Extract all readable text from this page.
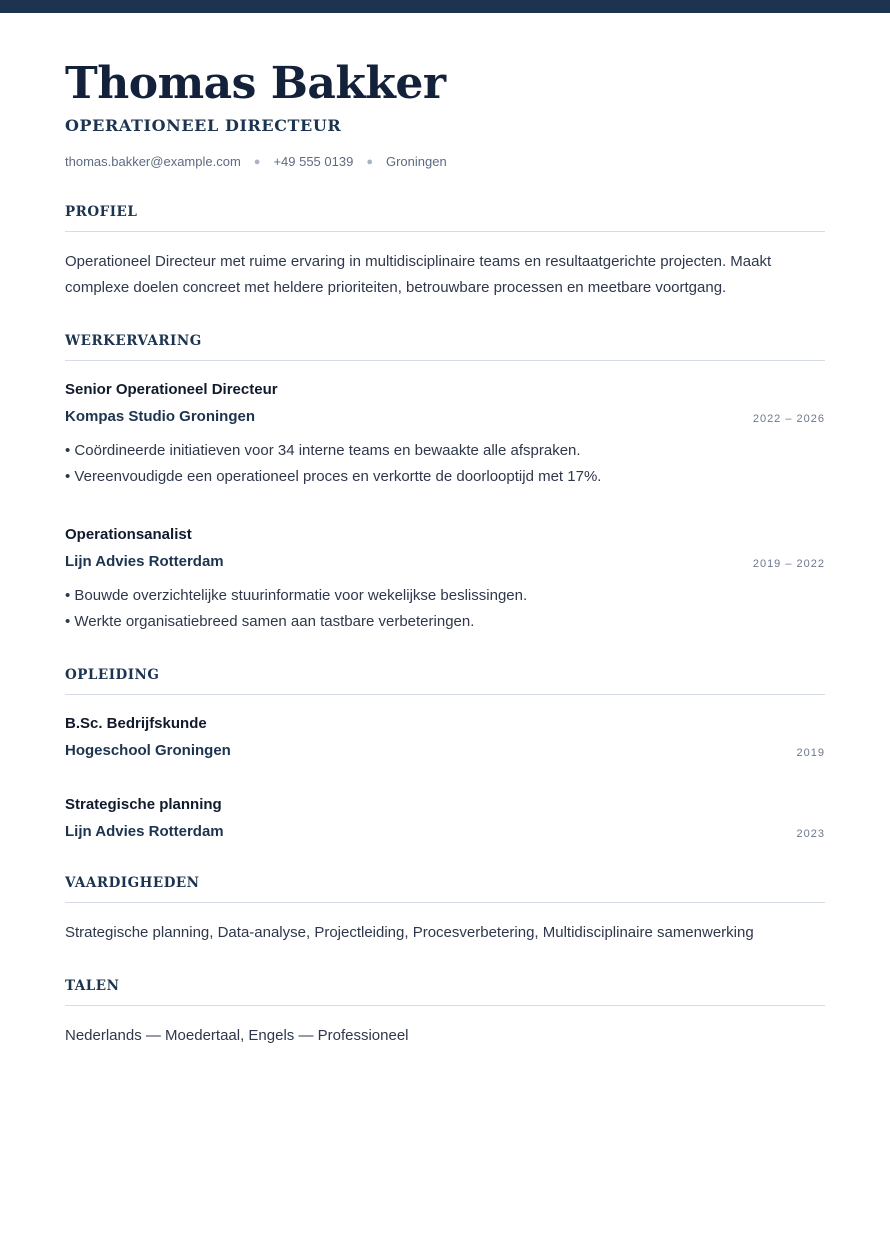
Thomas Bakker
OPERATIONEEL DIRECTEUR
thomas.bakker@example.com ● +49 555 0139 ● Groningen
PROFIEL
Operationeel Directeur met ruime ervaring in multidisciplinaire teams en resultaatgerichte projecten. Maakt complexe doelen concreet met heldere prioriteiten, betrouwbare processen en meetbare voortgang.
WERKERVARING
Senior Operationeel Directeur
Kompas Studio Groningen	2022 – 2026
• Coördineerde initiatieven voor 34 interne teams en bewaakte alle afspraken.
• Vereenvoudigde een operationeel proces en verkortte de doorlooptijd met 17%.
Operationsanalist
Lijn Advies Rotterdam	2019 – 2022
• Bouwde overzichtelijke stuurinformatie voor wekelijkse beslissingen.
• Werkte organisatiebreed samen aan tastbare verbeteringen.
OPLEIDING
B.Sc. Bedrijfskunde
Hogeschool Groningen	2019
Strategische planning
Lijn Advies Rotterdam	2023
VAARDIGHEDEN
Strategische planning, Data-analyse, Projectleiding, Procesverbetering, Multidisciplinaire samenwerking
TALEN
Nederlands — Moedertaal, Engels — Professioneel
